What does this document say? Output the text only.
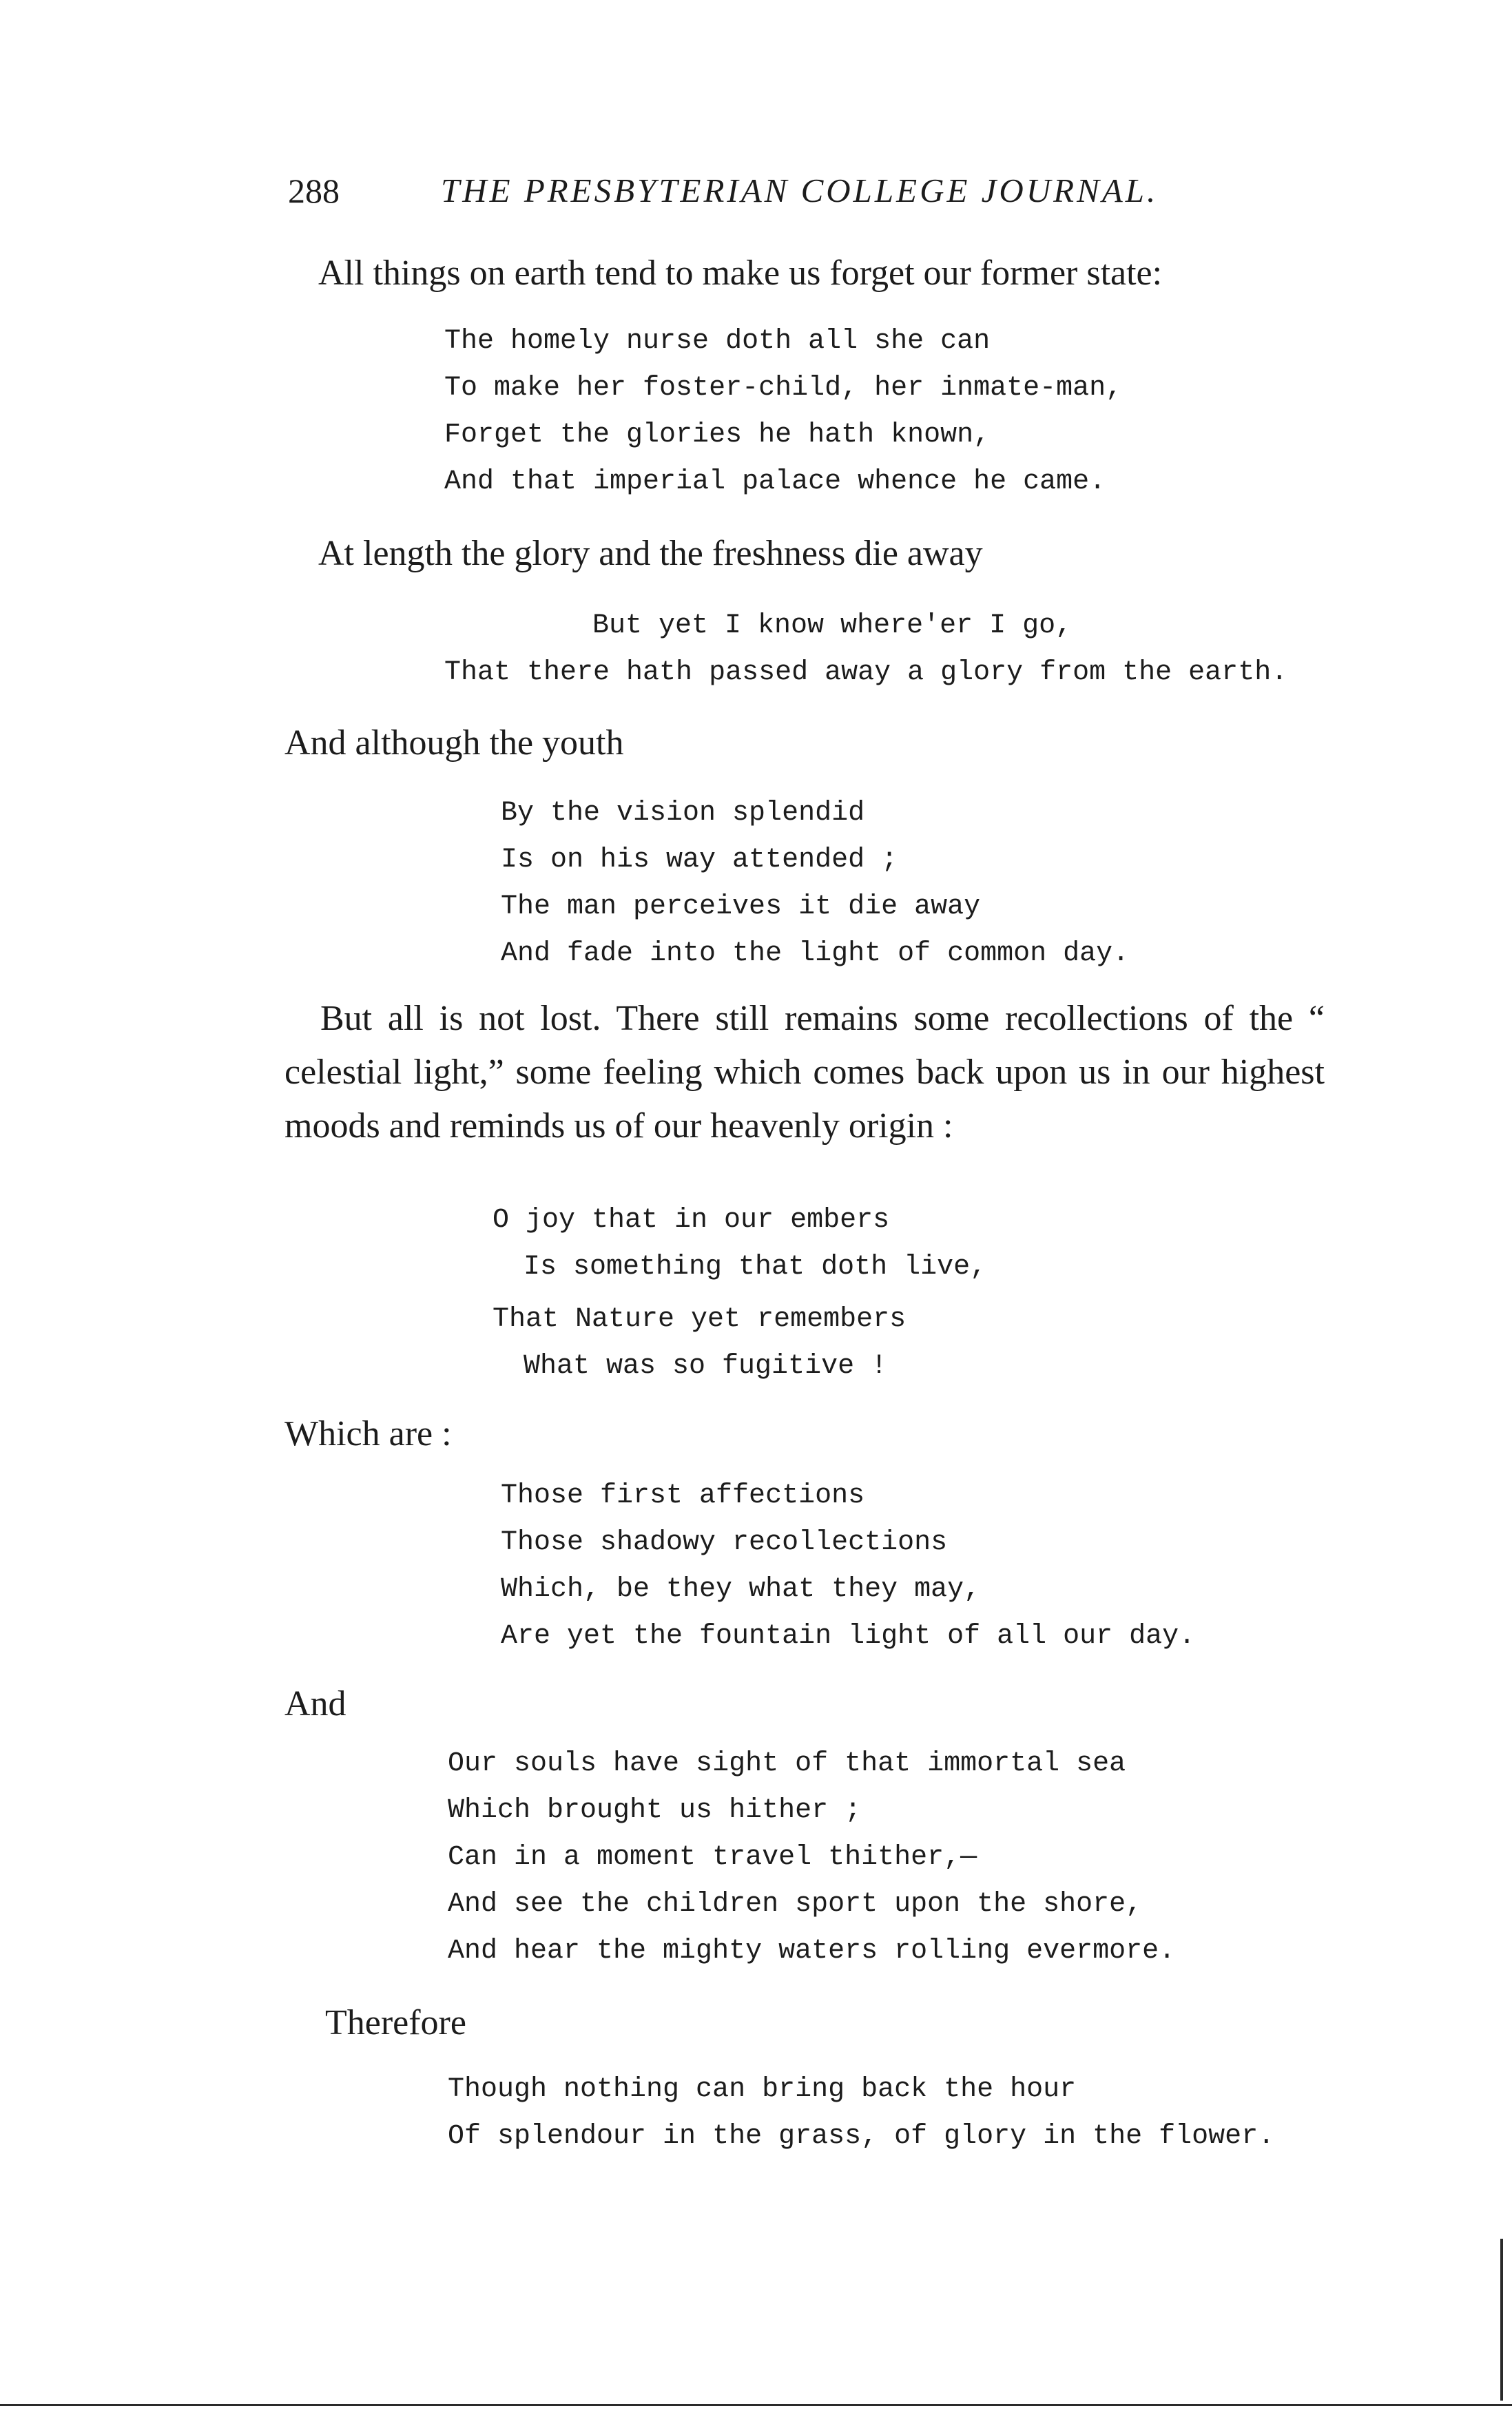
288	THE PRESBYTERIAN COLLEGE JOURNAL.
All things on earth tend to make us forget our former state:
The homely nurse doth all she can
To make her foster-child, her inmate-man,
Forget the glories he hath known,
And that imperial palace whence he came.
At length the glory and the freshness die away
But yet I know where'er I go,
That there hath passed away a glory from the earth.
And although the youth
By the vision splendid
Is on his way attended ;
The man perceives it die away
And fade into the light of common day.
But all is not lost. There still remains some recollections of the “ celestial light,” some feeling which comes back upon us in our highest moods and reminds us of our heavenly origin :
O joy that in our embers
Is something that doth live,
That Nature yet remembers
What was so fugitive !
Which are :
Those first affections
Those shadowy recollections
Which, be they what they may,
Are yet the fountain light of all our day.
And
Our souls have sight of that immortal sea
Which brought us hither ;
Can in a moment travel thither,—
And see the children sport upon the shore,
And hear the mighty waters rolling evermore.
Therefore
Though nothing can bring back the hour
Of splendour in the grass, of glory in the flower.
